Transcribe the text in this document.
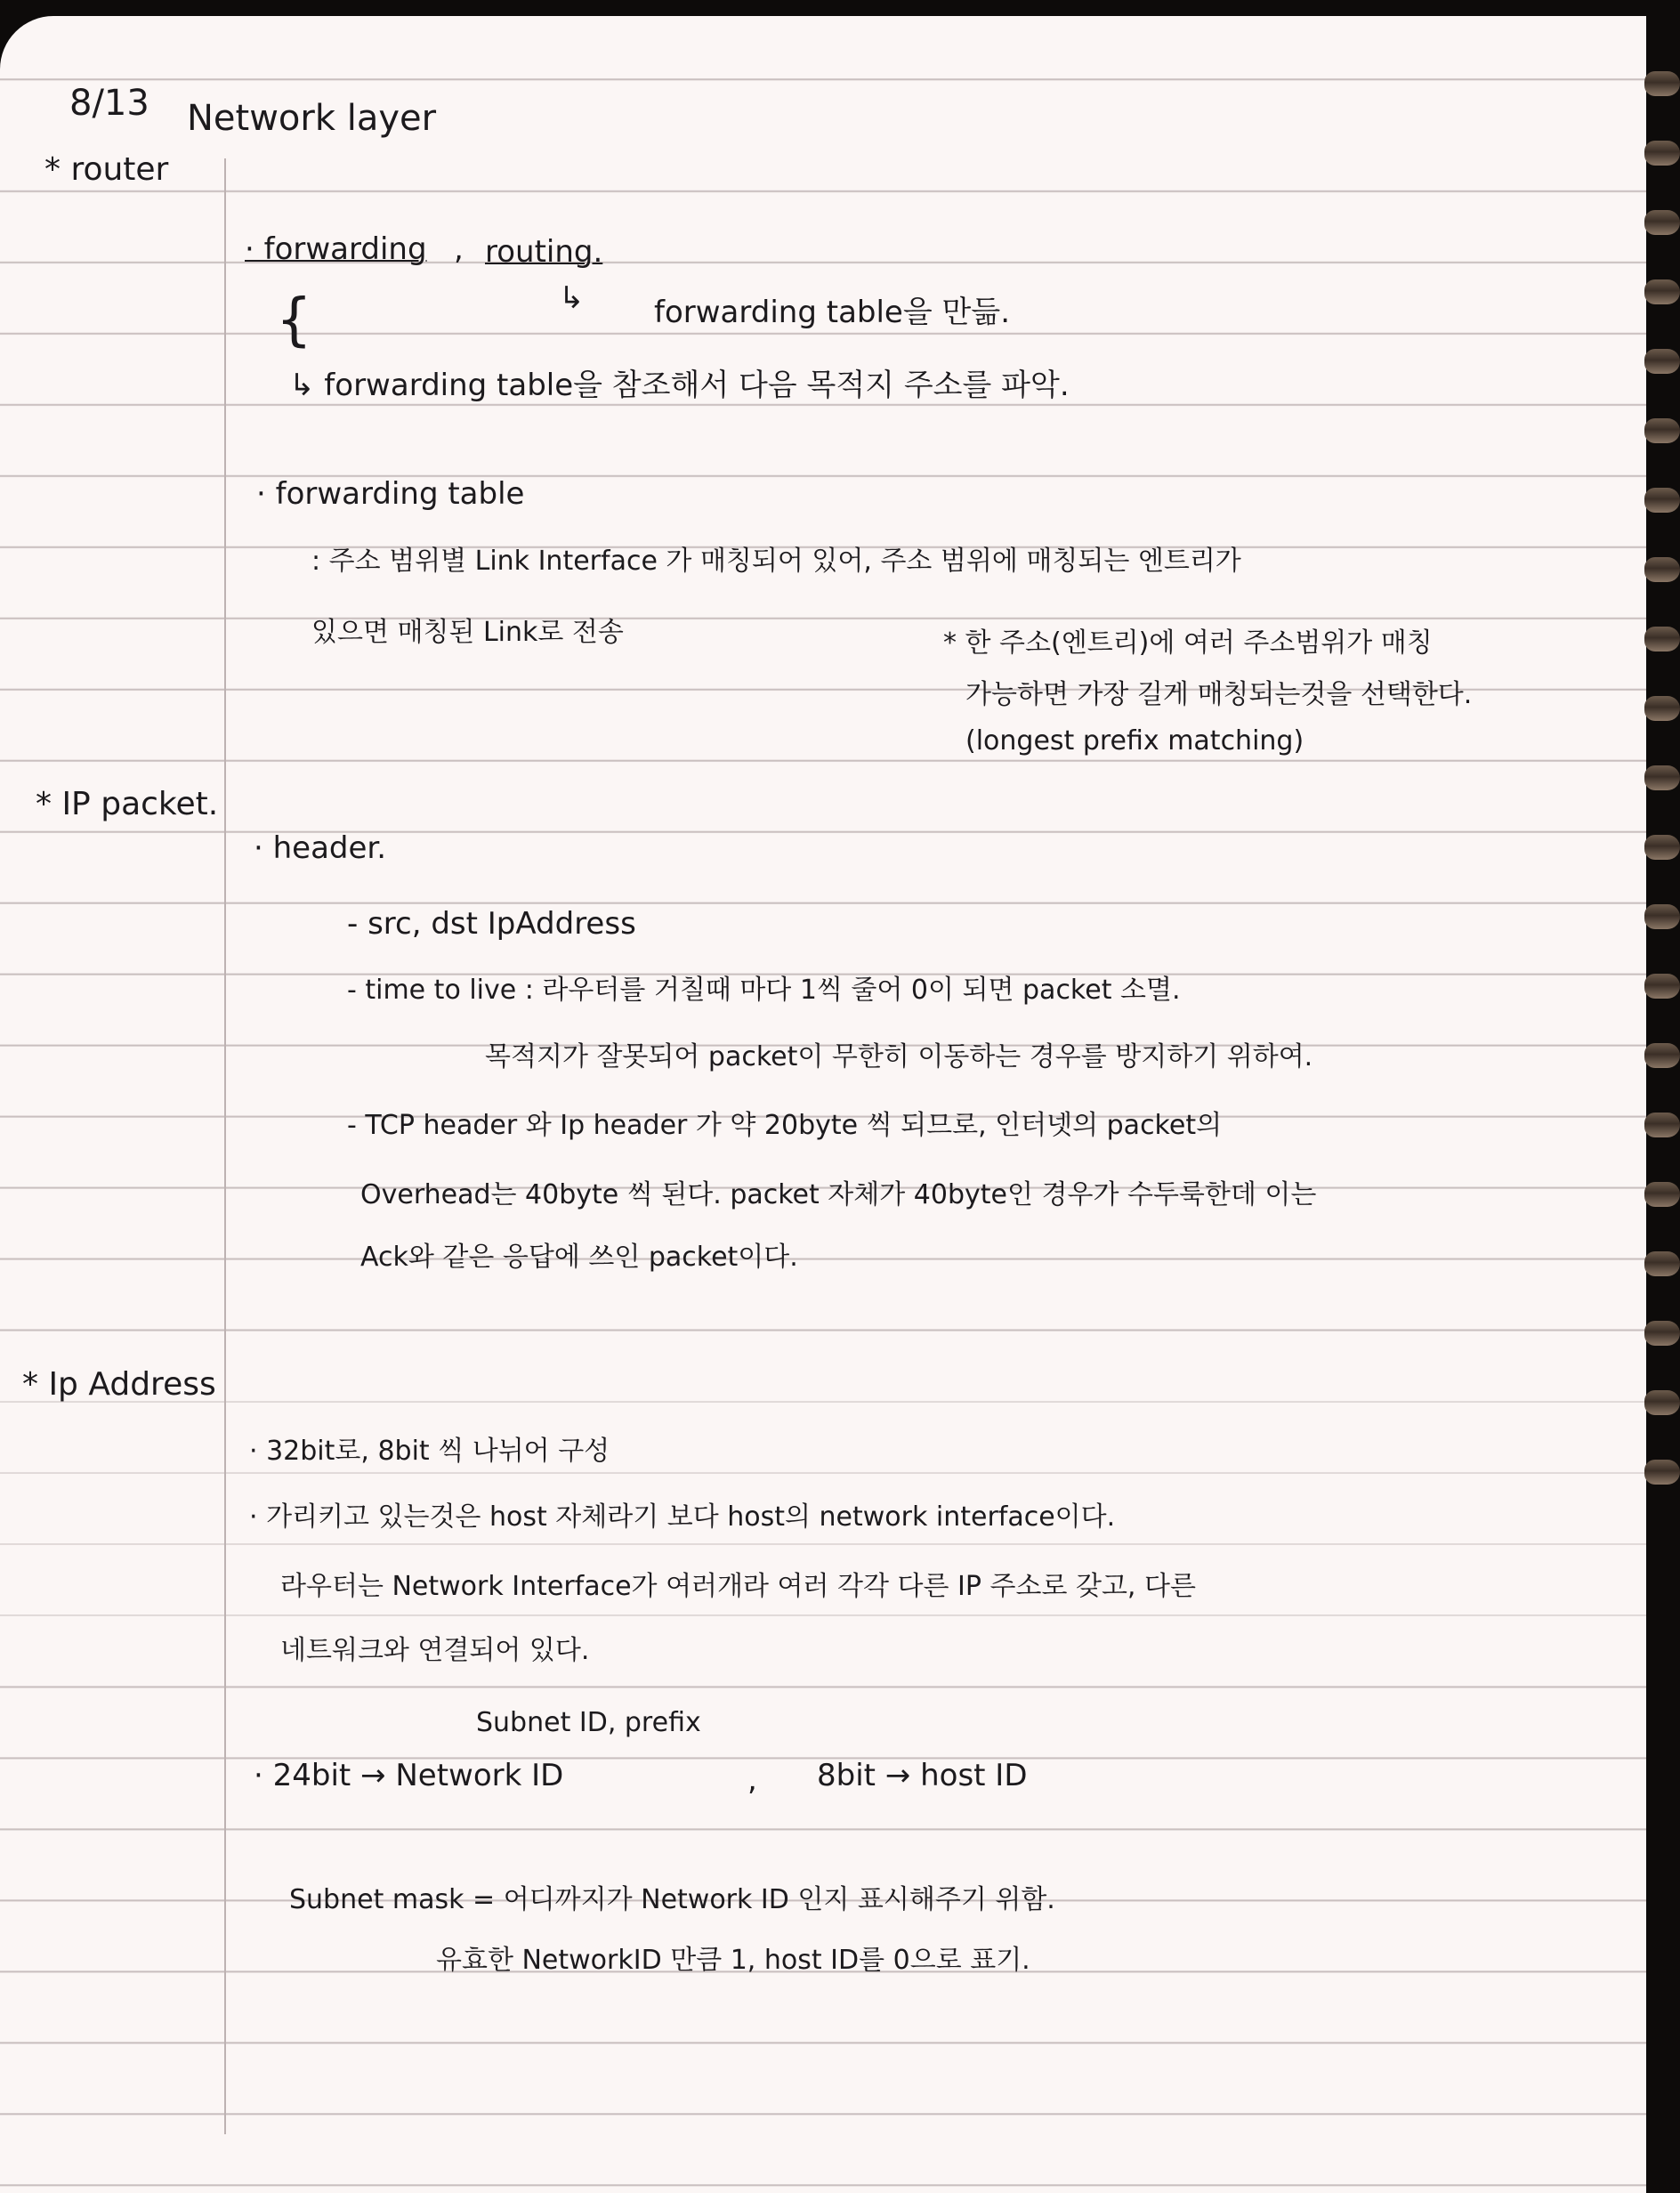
8/13 Network layer
* router
· forwarding , routing.
↳ forwarding table을 만듦.
{
↳ forwarding table을 참조해서 다음 목적지 주소를 파악.
· forwarding table
: 주소 범위별 Link Interface 가 매칭되어 있어, 주소 범위에 매칭되는 엔트리가
있으면 매칭된 Link로 전송	* 한 주소(엔트리)에 여러 주소범위가 매칭
가능하면 가장 길게 매칭되는것을 선택한다.
(longest prefix matching)
* IP packet.
· header.
- src, dst IpAddress
- time to live : 라우터를 거칠때 마다 1씩 줄어 0이 되면 packet 소멸.
목적지가 잘못되어 packet이 무한히 이동하는 경우를 방지하기 위하여.
- TCP header 와 Ip header 가 약 20byte 씩 되므로, 인터넷의 packet의
Overhead는 40byte 씩 된다. packet 자체가 40byte인 경우가 수두룩한데 이는
Ack와 같은 응답에 쓰인 packet이다.
* Ip Address
· 32bit로, 8bit 씩 나뉘어 구성
· 가리키고 있는것은 host 자체라기 보다 host의 network interface이다.
라우터는 Network Interface가 여러개라 여러 각각 다른 IP 주소로 갖고, 다른
네트워크와 연결되어 있다.
Subnet ID, prefix
· 24bit → Network ID	, 8bit → host ID
Subnet mask = 어디까지가 Network ID 인지 표시해주기 위함.
유효한 NetworkID 만큼 1, host ID를 0으로 표기.
